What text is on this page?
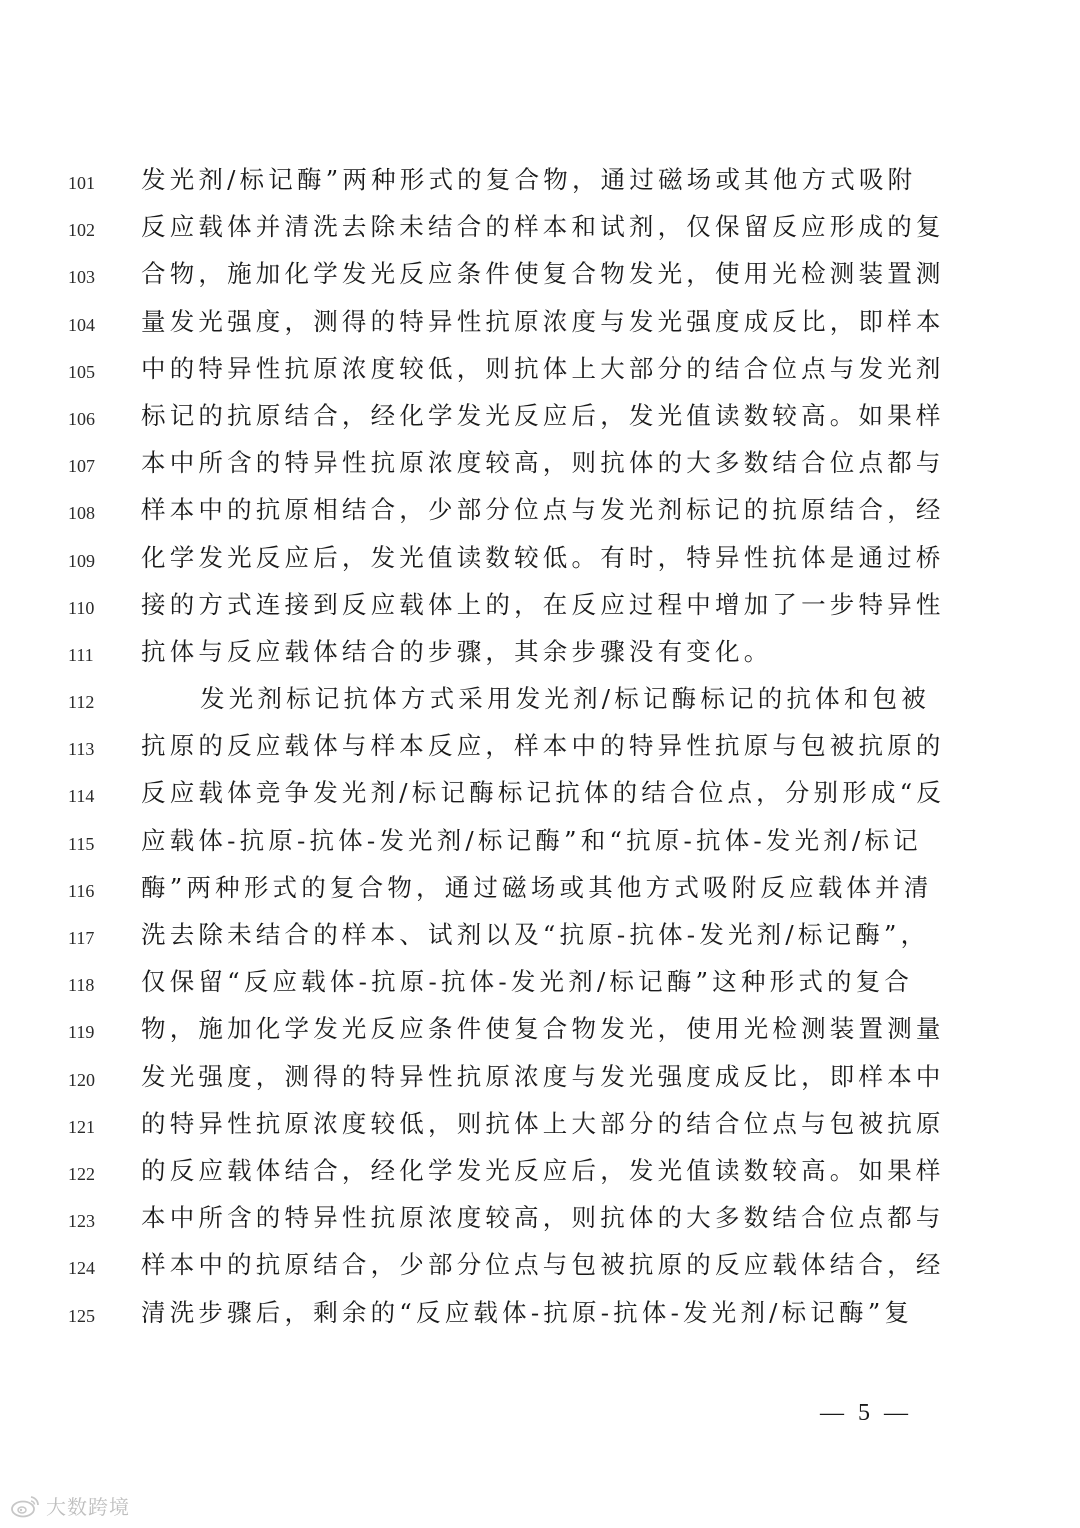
101	发光剂/标记酶”两种形式的复合物，通过磁场或其他方式吸附
102	反应载体并清洗去除未结合的样本和试剂，仅保留反应形成的复
103	合物，施加化学发光反应条件使复合物发光，使用光检测装置测
104	量发光强度，测得的特异性抗原浓度与发光强度成反比，即样本
105	中的特异性抗原浓度较低，则抗体上大部分的结合位点与发光剂
106	标记的抗原结合，经化学发光反应后，发光值读数较高。如果样
107	本中所含的特异性抗原浓度较高，则抗体的大多数结合位点都与
108	样本中的抗原相结合，少部分位点与发光剂标记的抗原结合，经
109	化学发光反应后，发光值读数较低。有时，特异性抗体是通过桥
110	接的方式连接到反应载体上的，在反应过程中增加了一步特异性
111	抗体与反应载体结合的步骤，其余步骤没有变化。
112	发光剂标记抗体方式采用发光剂/标记酶标记的抗体和包被
113	抗原的反应载体与样本反应，样本中的特异性抗原与包被抗原的
114	反应载体竞争发光剂/标记酶标记抗体的结合位点，分别形成“反
115	应载体-抗原-抗体-发光剂/标记酶”和“抗原-抗体-发光剂/标记
116	酶”两种形式的复合物，通过磁场或其他方式吸附反应载体并清
117	洗去除未结合的样本、试剂以及“抗原-抗体-发光剂/标记酶”，
118	仅保留“反应载体-抗原-抗体-发光剂/标记酶”这种形式的复合
119	物，施加化学发光反应条件使复合物发光，使用光检测装置测量
120	发光强度，测得的特异性抗原浓度与发光强度成反比，即样本中
121	的特异性抗原浓度较低，则抗体上大部分的结合位点与包被抗原
122	的反应载体结合，经化学发光反应后，发光值读数较高。如果样
123	本中所含的特异性抗原浓度较高，则抗体的大多数结合位点都与
124	样本中的抗原结合，少部分位点与包被抗原的反应载体结合，经
125	清洗步骤后，剩余的“反应载体-抗原-抗体-发光剂/标记酶”复
— 5 —
大数跨境
